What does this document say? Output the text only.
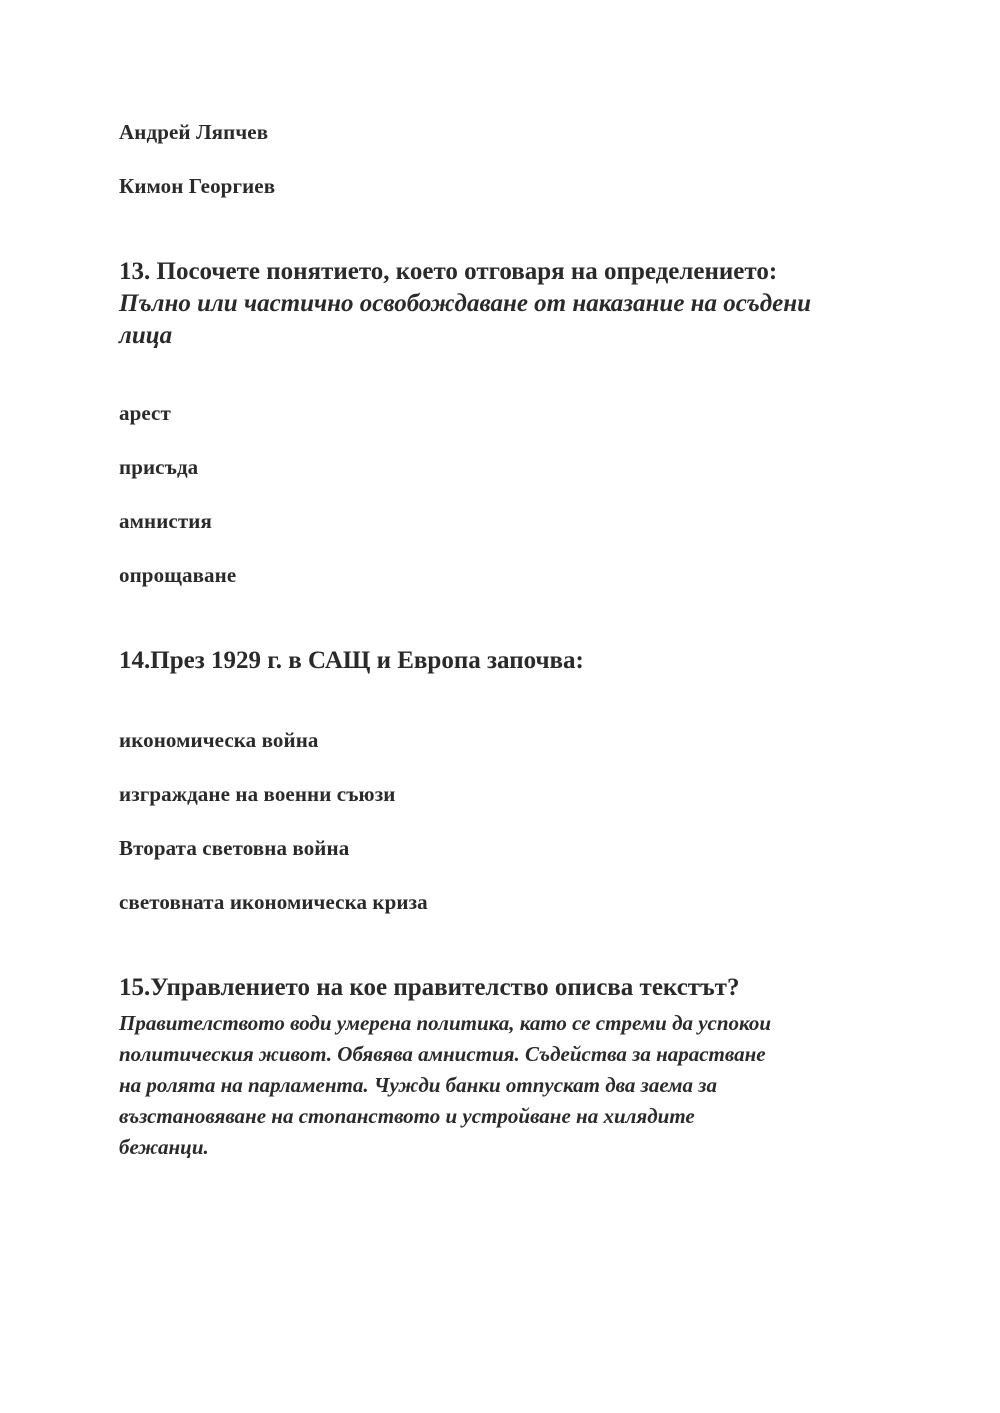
Андрей Ляпчев
Кимон Георгиев
13. Посочете понятието, което отговаря на определението:
Пълно или частично освобождаване от наказание на осъдени
лица
арест
присъда
амнистия
опрощаване
14.През 1929 г. в САЩ и Европа започва:
икономическа война
изграждане на военни съюзи
Втората световна война
световната икономическа криза
15.Управлението на кое правителство описва текстът?
Правителството води умерена политика, като се стреми да успокои
политическия живот. Обявява амнистия. Съдейства за нарастване
на ролята на парламента. Чужди банки отпускат два заема за
възстановяване на стопанството и устройване на хилядите
бежанци.
